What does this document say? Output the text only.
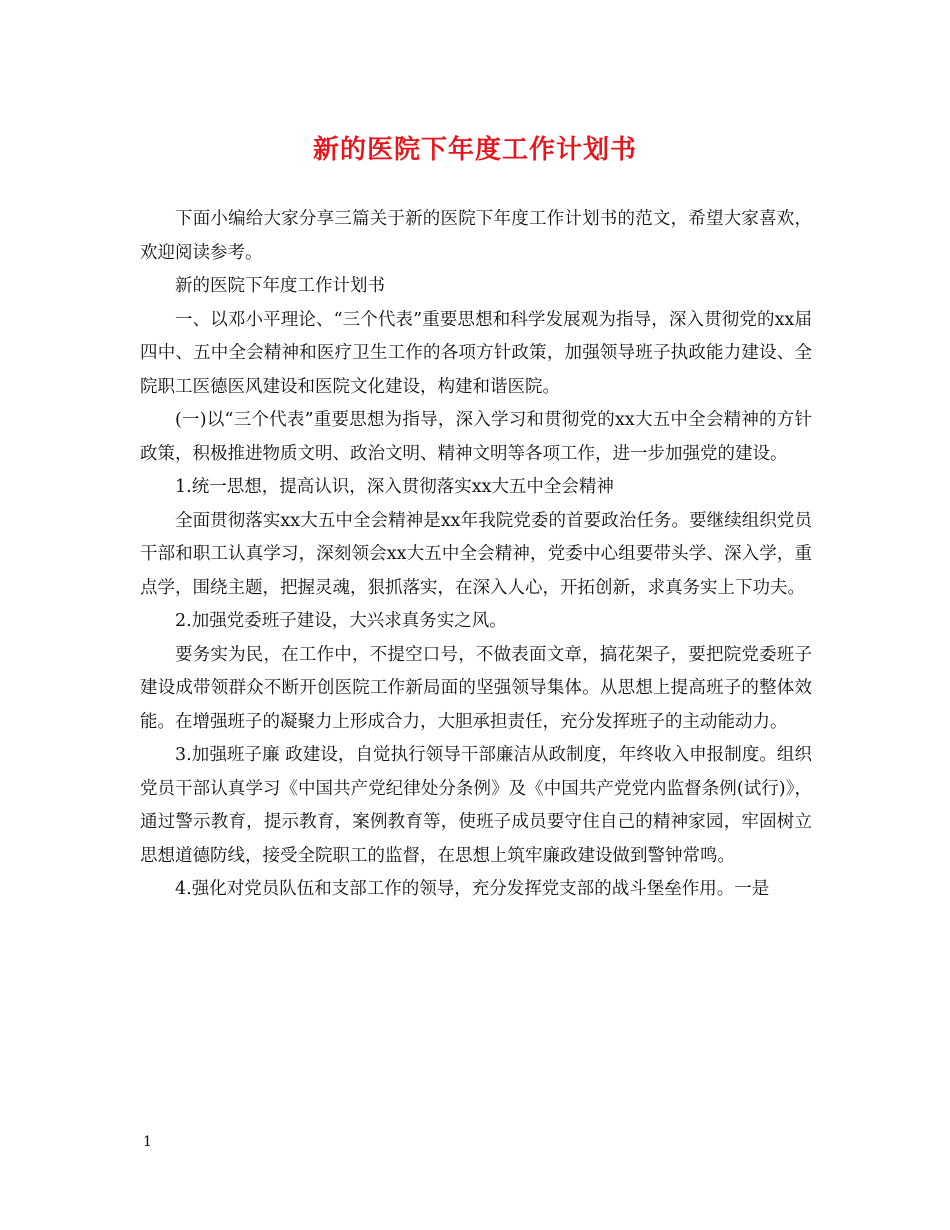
新的医院下年度工作计划书

下面小编给大家分享三篇关于新的医院下年度工作计划书的范文，希望大家喜欢，欢迎阅读参考。

新的医院下年度工作计划书

一、以邓小平理论、“三个代表”重要思想和科学发展观为指导，深入贯彻党的xx届四中、五中全会精神和医疗卫生工作的各项方针政策，加强领导班子执政能力建设、全院职工医德医风建设和医院文化建设，构建和谐医院。

(一)以“三个代表”重要思想为指导，深入学习和贯彻党的xx大五中全会精神的方针政策，积极推进物质文明、政治文明、精神文明等各项工作，进一步加强党的建设。

1.统一思想，提高认识，深入贯彻落实xx大五中全会精神

全面贯彻落实xx大五中全会精神是xx年我院党委的首要政治任务。要继续组织党员干部和职工认真学习，深刻领会xx大五中全会精神，党委中心组要带头学、深入学，重点学，围绕主题，把握灵魂，狠抓落实，在深入人心，开拓创新，求真务实上下功夫。

2.加强党委班子建设，大兴求真务实之风。

要务实为民，在工作中，不提空口号，不做表面文章，搞花架子，要把院党委班子建设成带领群众不断开创医院工作新局面的坚强领导集体。从思想上提高班子的整体效能。在增强班子的凝聚力上形成合力，大胆承担责任，充分发挥班子的主动能动力。

3.加强班子廉 政建设，自觉执行领导干部廉洁从政制度，年终收入申报制度。组织党员干部认真学习《中国共产党纪律处分条例》及《中国共产党党内监督条例(试行)》，通过警示教育，提示教育，案例教育等，使班子成员要守住自己的精神家园，牢固树立思想道德防线，接受全院职工的监督，在思想上筑牢廉政建设做到警钟常鸣。

4.强化对党员队伍和支部工作的领导，充分发挥党支部的战斗堡垒作用。一是

1
